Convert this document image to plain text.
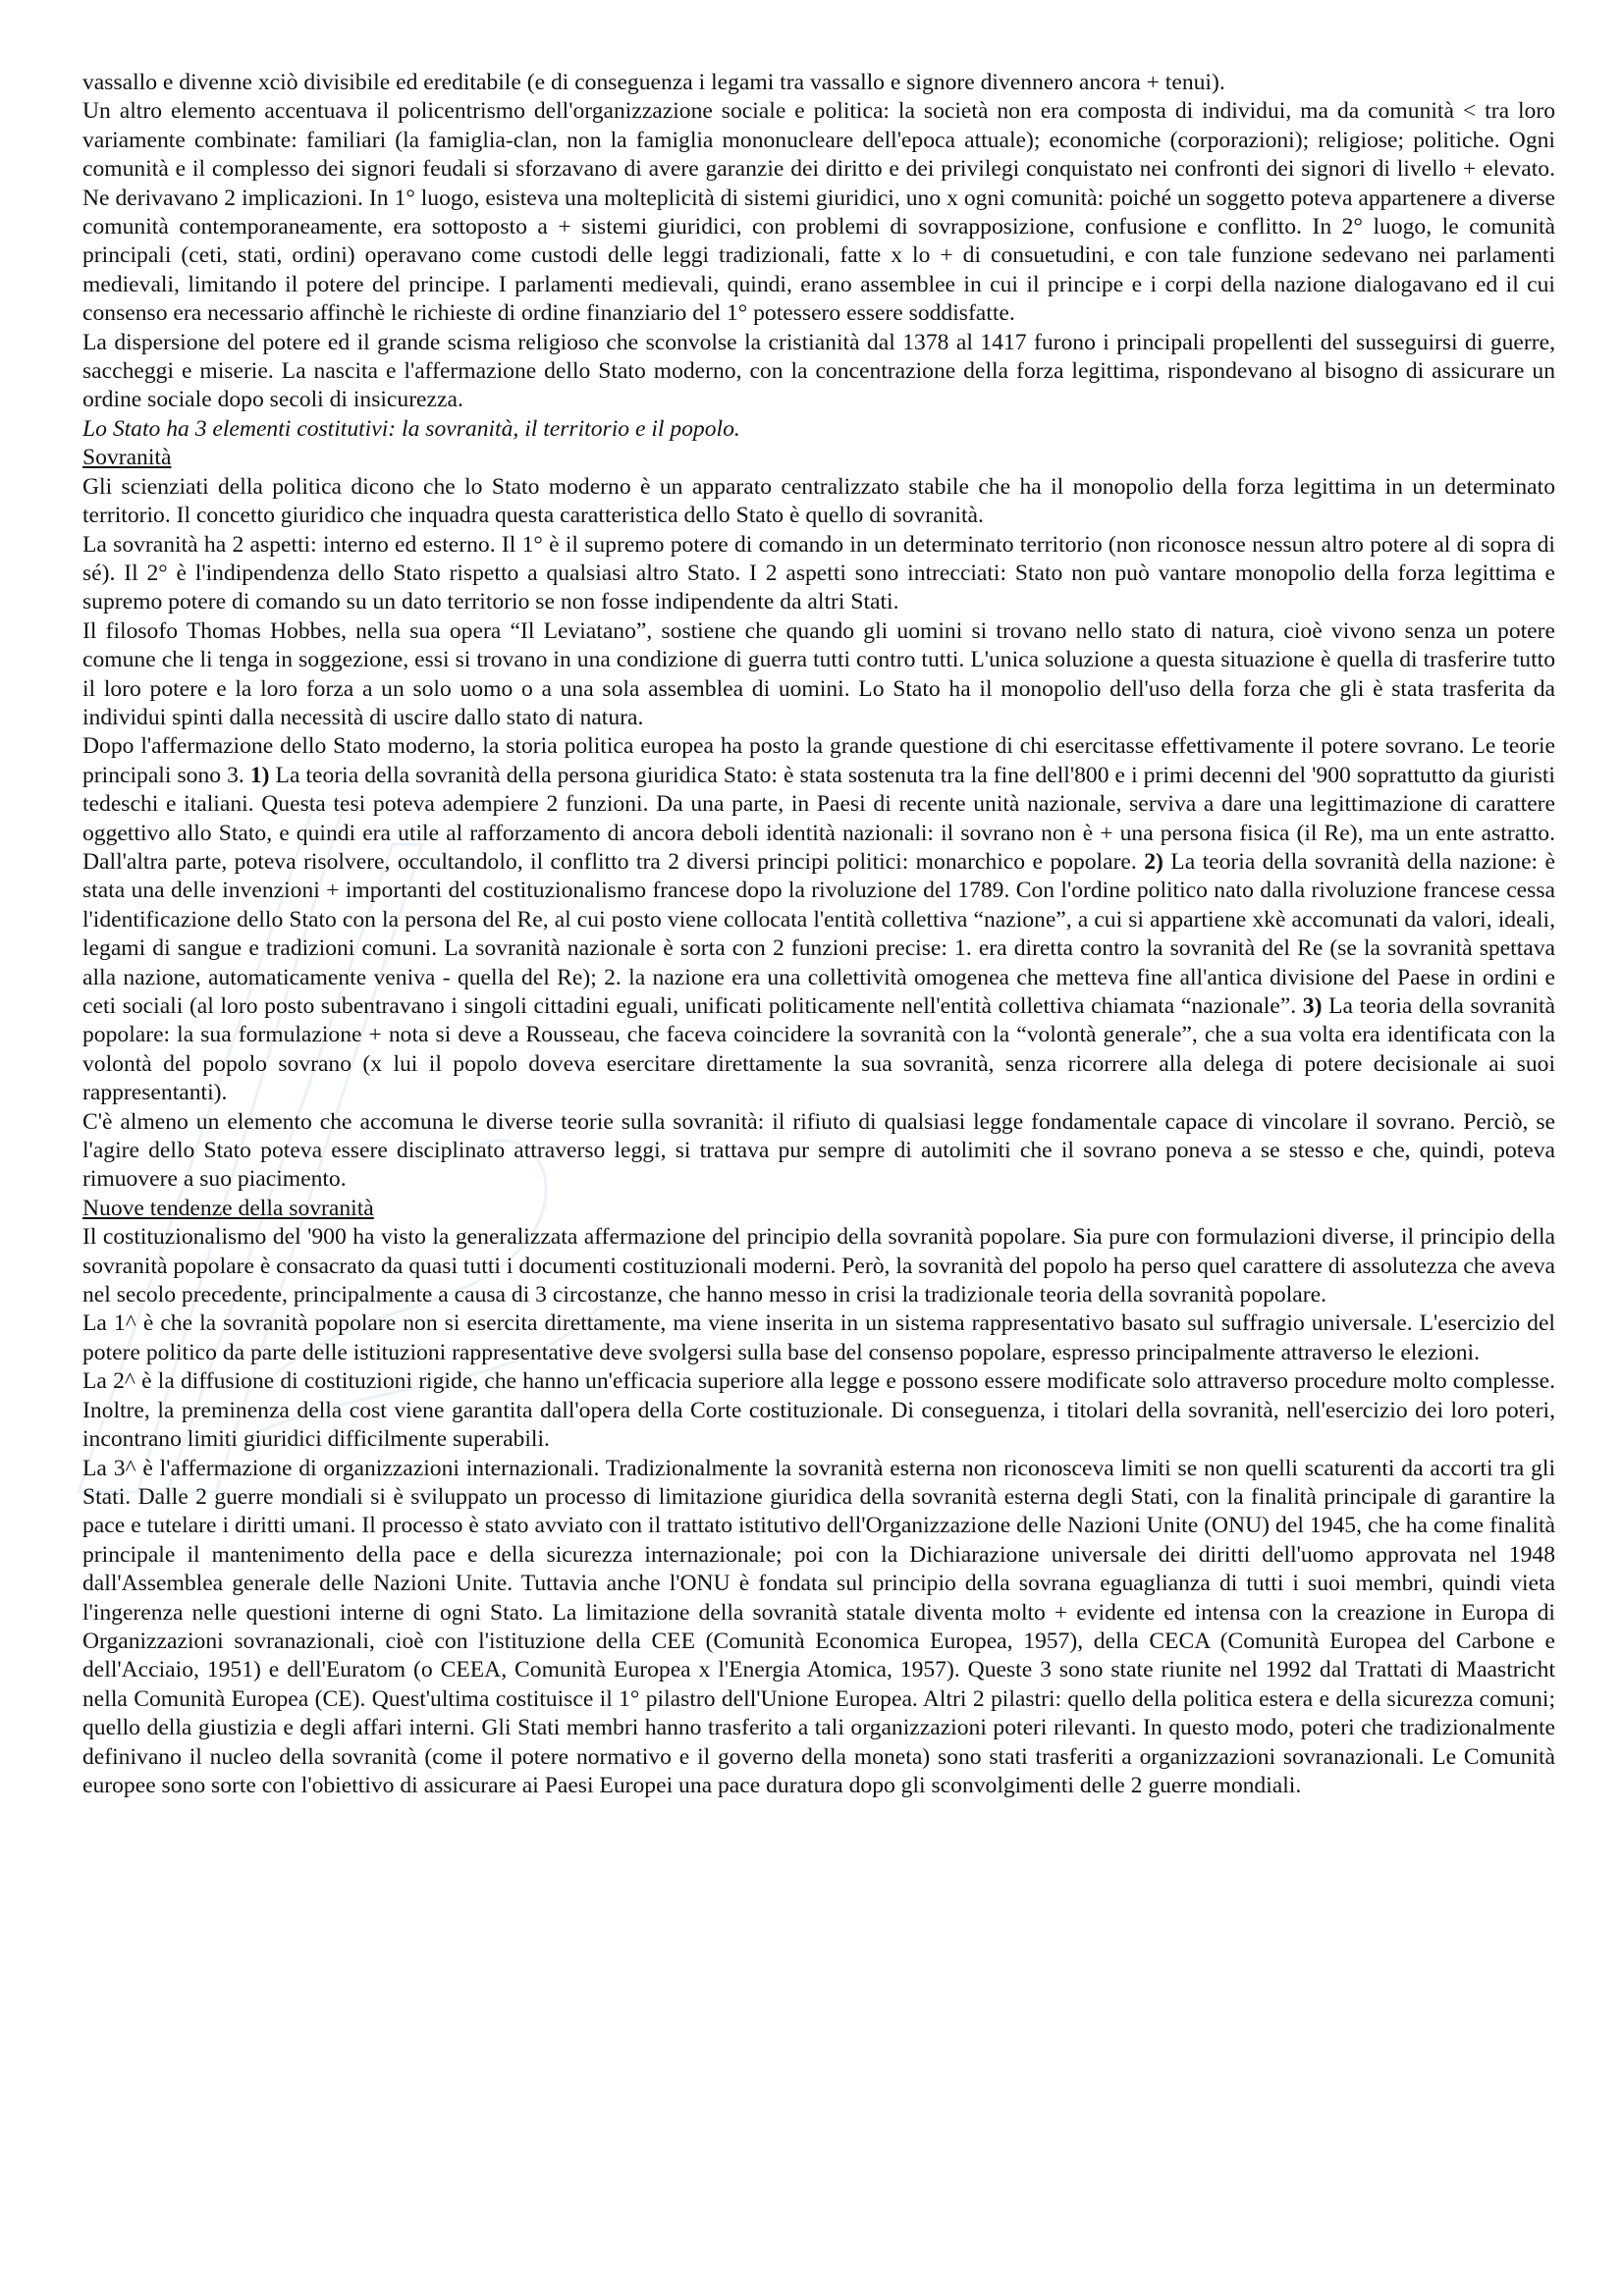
vassallo e divenne xciò divisibile ed ereditabile (e di conseguenza i legami tra vassallo e signore divennero ancora + tenui).

Un altro elemento accentuava il policentrismo dell'organizzazione sociale e politica: la società non era composta di individui, ma da comunità < tra loro variamente combinate: familiari (la famiglia-clan, non la famiglia mononucleare dell'epoca attuale); economiche (corporazioni); religiose; politiche. Ogni comunità e il complesso dei signori feudali si sforzavano di avere garanzie dei diritto e dei privilegi conquistato nei confronti dei signori di livello + elevato. Ne derivavano 2 implicazioni. In 1° luogo, esisteva una molteplicità di sistemi giuridici, uno x ogni comunità: poiché un soggetto poteva appartenere a diverse comunità contemporaneamente, era sottoposto a + sistemi giuridici, con problemi di sovrapposizione, confusione e conflitto. In 2° luogo, le comunità principali (ceti, stati, ordini) operavano come custodi delle leggi tradizionali, fatte x lo + di consuetudini, e con tale funzione sedevano nei parlamenti medievali, limitando il potere del principe. I parlamenti medievali, quindi, erano assemblee in cui il principe e i corpi della nazione dialogavano ed il cui consenso era necessario affinchè le richieste di ordine finanziario del 1° potessero essere soddisfatte.

La dispersione del potere ed il grande scisma religioso che sconvolse la cristianità dal 1378 al 1417 furono i principali propellenti del susseguirsi di guerre, saccheggi e miserie. La nascita e l'affermazione dello Stato moderno, con la concentrazione della forza legittima, rispondevano al bisogno di assicurare un ordine sociale dopo secoli di insicurezza.

Lo Stato ha 3 elementi costitutivi: la sovranità, il territorio e il popolo.

Sovranità

Gli scienziati della politica dicono che lo Stato moderno è un apparato centralizzato stabile che ha il monopolio della forza legittima in un determinato territorio. Il concetto giuridico che inquadra questa caratteristica dello Stato è quello di sovranità.

La sovranità ha 2 aspetti: interno ed esterno. Il 1° è il supremo potere di comando in un determinato territorio (non riconosce nessun altro potere al di sopra di sé). Il 2° è l'indipendenza dello Stato rispetto a qualsiasi altro Stato. I 2 aspetti sono intrecciati: Stato non può vantare monopolio della forza legittima e supremo potere di comando su un dato territorio se non fosse indipendente da altri Stati.

Il filosofo Thomas Hobbes, nella sua opera “Il Leviatano”, sostiene che quando gli uomini si trovano nello stato di natura, cioè vivono senza un potere comune che li tenga in soggezione, essi si trovano in una condizione di guerra tutti contro tutti. L'unica soluzione a questa situazione è quella di trasferire tutto il loro potere e la loro forza a un solo uomo o a una sola assemblea di uomini. Lo Stato ha il monopolio dell'uso della forza che gli è stata trasferita da individui spinti dalla necessità di uscire dallo stato di natura.

Dopo l'affermazione dello Stato moderno, la storia politica europea ha posto la grande questione di chi esercitasse effettivamente il potere sovrano. Le teorie principali sono 3. 1) La teoria della sovranità della persona giuridica Stato: è stata sostenuta tra la fine dell'800 e i primi decenni del '900 soprattutto da giuristi tedeschi e italiani. Questa tesi poteva adempiere 2 funzioni. Da una parte, in Paesi di recente unità nazionale, serviva a dare una legittimazione di carattere oggettivo allo Stato, e quindi era utile al rafforzamento di ancora deboli identità nazionali: il sovrano non è + una persona fisica (il Re), ma un ente astratto. Dall'altra parte, poteva risolvere, occultandolo, il conflitto tra 2 diversi principi politici: monarchico e popolare. 2) La teoria della sovranità della nazione: è stata una delle invenzioni + importanti del costituzionalismo francese dopo la rivoluzione del 1789. Con l'ordine politico nato dalla rivoluzione francese cessa l'identificazione dello Stato con la persona del Re, al cui posto viene collocata l'entità collettiva “nazione”, a cui si appartiene xkè accomunati da valori, ideali, legami di sangue e tradizioni comuni. La sovranità nazionale è sorta con 2 funzioni precise: 1. era diretta contro la sovranità del Re (se la sovranità spettava alla nazione, automaticamente veniva - quella del Re); 2. la nazione era una collettività omogenea che metteva fine all'antica divisione del Paese in ordini e ceti sociali (al loro posto subentravano i singoli cittadini eguali, unificati politicamente nell'entità collettiva chiamata “nazionale”. 3) La teoria della sovranità popolare: la sua formulazione + nota si deve a Rousseau, che faceva coincidere la sovranità con la “volontà generale”, che a sua volta era identificata con la volontà del popolo sovrano (x lui il popolo doveva esercitare direttamente la sua sovranità, senza ricorrere alla delega di potere decisionale ai suoi rappresentanti).

C'è almeno un elemento che accomuna le diverse teorie sulla sovranità: il rifiuto di qualsiasi legge fondamentale capace di vincolare il sovrano. Perciò, se l'agire dello Stato poteva essere disciplinato attraverso leggi, si trattava pur sempre di autolimiti che il sovrano poneva a se stesso e che, quindi, poteva rimuovere a suo piacimento.

Nuove tendenze della sovranità

Il costituzionalismo del '900 ha visto la generalizzata affermazione del principio della sovranità popolare. Sia pure con formulazioni diverse, il principio della sovranità popolare è consacrato da quasi tutti i documenti costituzionali moderni. Però, la sovranità del popolo ha perso quel carattere di assolutezza che aveva nel secolo precedente, principalmente a causa di 3 circostanze, che hanno messo in crisi la tradizionale teoria della sovranità popolare.

La 1^ è che la sovranità popolare non si esercita direttamente, ma viene inserita in un sistema rappresentativo basato sul suffragio universale. L'esercizio del potere politico da parte delle istituzioni rappresentative deve svolgersi sulla base del consenso popolare, espresso principalmente attraverso le elezioni.

La 2^ è la diffusione di costituzioni rigide, che hanno un'efficacia superiore alla legge e possono essere modificate solo attraverso procedure molto complesse. Inoltre, la preminenza della cost viene garantita dall'opera della Corte costituzionale. Di conseguenza, i titolari della sovranità, nell'esercizio dei loro poteri, incontrano limiti giuridici difficilmente superabili.

La 3^ è l'affermazione di organizzazioni internazionali. Tradizionalmente la sovranità esterna non riconosceva limiti se non quelli scaturenti da accorti tra gli Stati. Dalle 2 guerre mondiali si è sviluppato un processo di limitazione giuridica della sovranità esterna degli Stati, con la finalità principale di garantire la pace e tutelare i diritti umani. Il processo è stato avviato con il trattato istitutivo dell'Organizzazione delle Nazioni Unite (ONU) del 1945, che ha come finalità principale il mantenimento della pace e della sicurezza internazionale; poi con la Dichiarazione universale dei diritti dell'uomo approvata nel 1948 dall'Assemblea generale delle Nazioni Unite. Tuttavia anche l'ONU è fondata sul principio della sovrana eguaglianza di tutti i suoi membri, quindi vieta l'ingerenza nelle questioni interne di ogni Stato. La limitazione della sovranità statale diventa molto + evidente ed intensa con la creazione in Europa di Organizzazioni sovranazionali, cioè con l'istituzione della CEE (Comunità Economica Europea, 1957), della CECA (Comunità Europea del Carbone e dell'Acciaio, 1951) e dell'Euratom (o CEEA, Comunità Europea x l'Energia Atomica, 1957). Queste 3 sono state riunite nel 1992 dal Trattati di Maastricht nella Comunità Europea (CE). Quest'ultima costituisce il 1° pilastro dell'Unione Europea. Altri 2 pilastri: quello della politica estera e della sicurezza comuni; quello della giustizia e degli affari interni. Gli Stati membri hanno trasferito a tali organizzazioni poteri rilevanti. In questo modo, poteri che tradizionalmente definivano il nucleo della sovranità (come il potere normativo e il governo della moneta) sono stati trasferiti a organizzazioni sovranazionali. Le Comunità europee sono sorte con l'obiettivo di assicurare ai Paesi Europei una pace duratura dopo gli sconvolgimenti delle 2 guerre mondiali.
